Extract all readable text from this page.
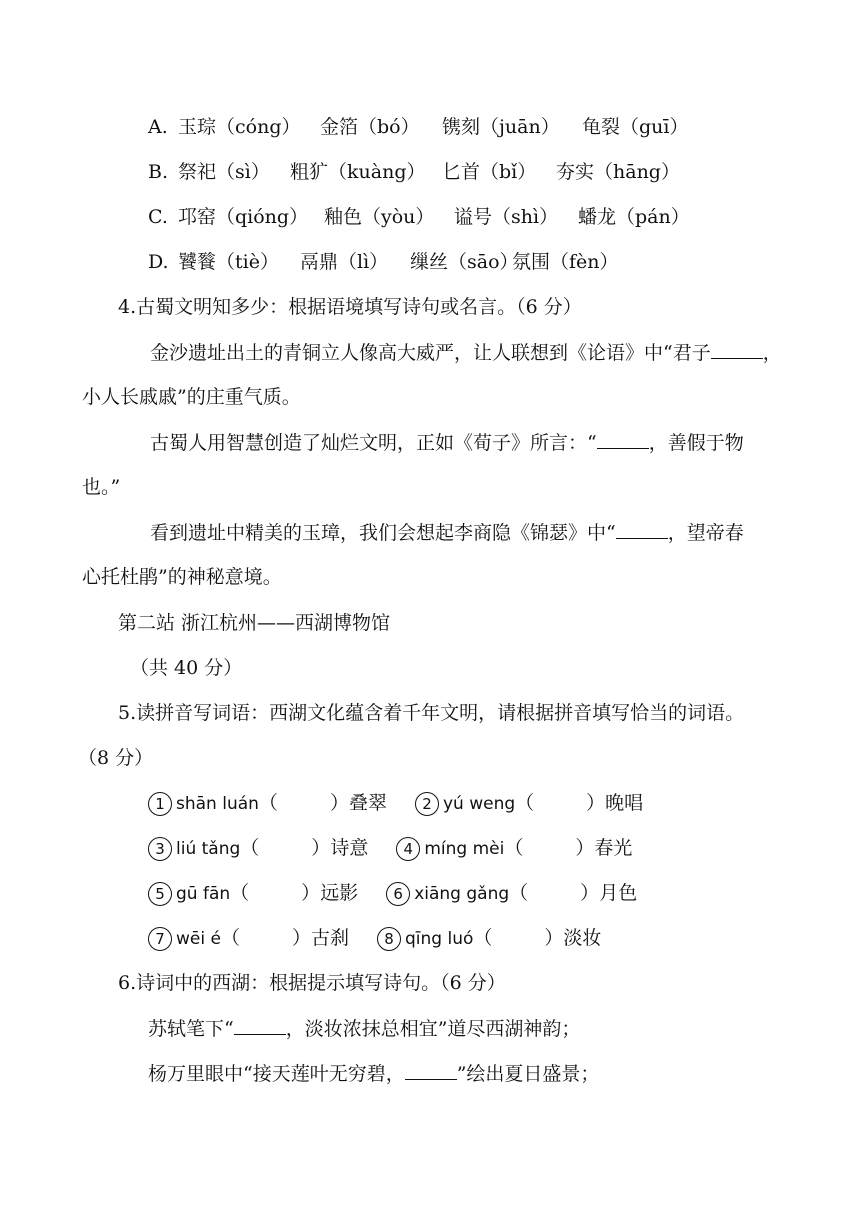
A. 玉琮（cóng） 金箔（bó） 镌刻（juān） 龟裂（guī）
B. 祭祀（sì） 粗犷（kuàng） 匕首（bǐ） 夯实（hāng）
C. 邛窑（qióng） 釉色（yòu） 谥号（shì） 蟠龙（pán）
D. 饕餮（tiè） 鬲鼎（lì） 缫丝（sāo）氛围（fèn）
4.古蜀文明知多少：根据语境填写诗句或名言。（6 分）
金沙遗址出土的青铜立人像高大威严，让人联想到《论语》中“君子	，
小人长戚戚”的庄重气质。
古蜀人用智慧创造了灿烂文明，正如《荀子》所言：“	，善假于物
也。”
看到遗址中精美的玉璋，我们会想起李商隐《锦瑟》中“	，望帝春
心托杜鹃”的神秘意境。
第二站 浙江杭州——西湖博物馆
（共 40 分）
5.读拼音写词语：西湖文化蕴含着千年文明，请根据拼音填写恰当的词语。
（8 分）
1 shān luán（	）叠翠 2 yú weng（	）晚唱
3 liú tǎng（	）诗意 4 míng mèi（	）春光
5 gū fān（	）远影 6 xiāng gǎng（	）月色
7 wēi é（	）古刹 8 qīng luó（	）淡妆
6.诗词中的西湖：根据提示填写诗句。（6 分）
苏轼笔下“	，淡妆浓抹总相宜”道尽西湖神韵；
杨万里眼中“接天莲叶无穷碧，	”绘出夏日盛景；
